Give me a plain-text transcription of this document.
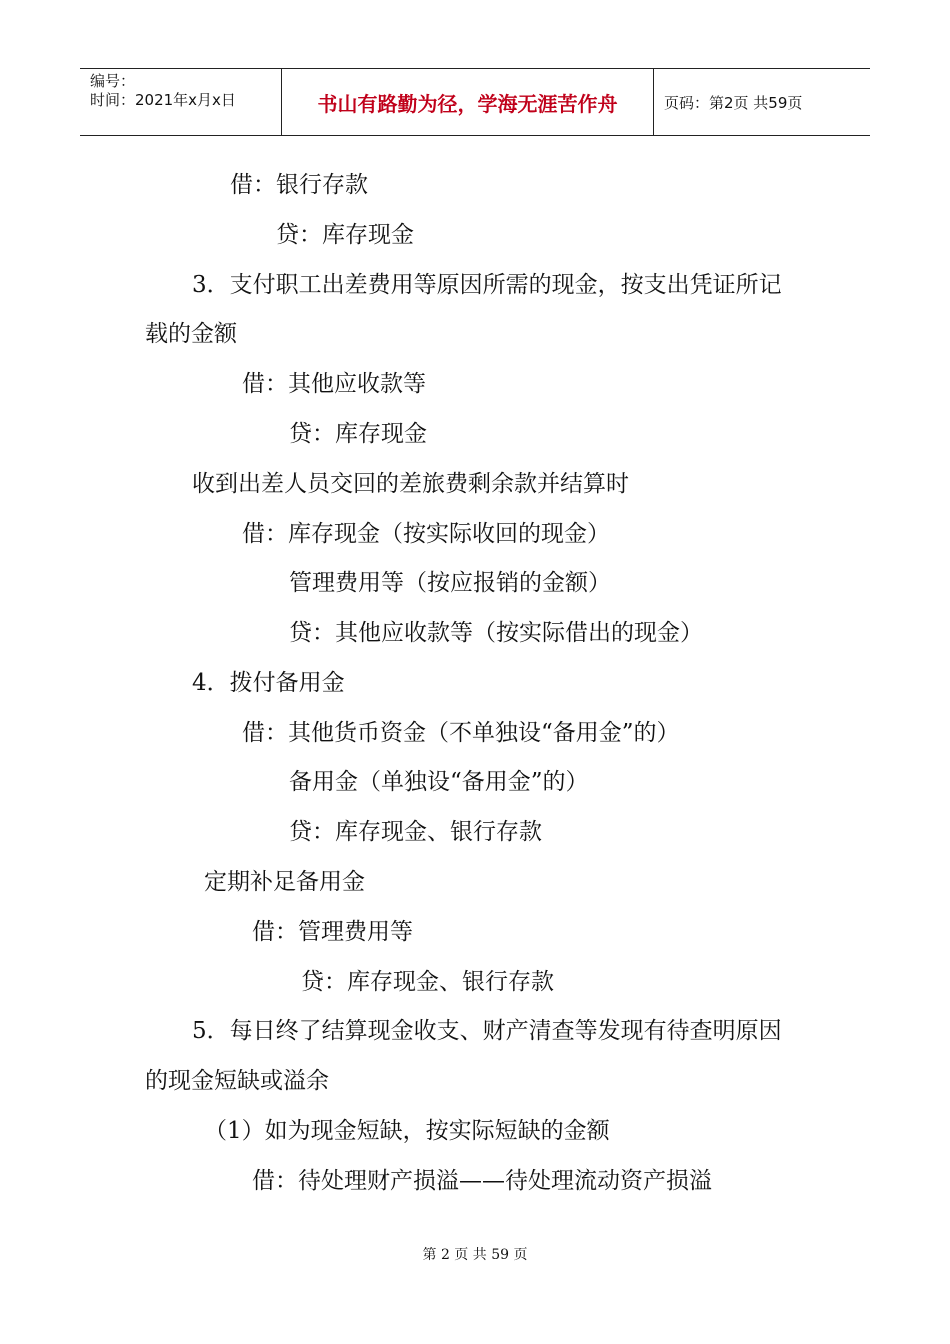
编号：
时间：2021年x月x日	书山有路勤为径，学海无涯苦作舟	页码：第2页 共59页
借：银行存款
贷：库存现金
3．支付职工出差费用等原因所需的现金，按支出凭证所记
载的金额
借：其他应收款等
贷：库存现金
收到出差人员交回的差旅费剩余款并结算时
借：库存现金（按实际收回的现金）
管理费用等（按应报销的金额）
贷：其他应收款等（按实际借出的现金）
4．拨付备用金
借：其他货币资金（不单独设“备用金”的）
备用金（单独设“备用金”的）
贷：库存现金、银行存款
定期补足备用金
借：管理费用等
贷：库存现金、银行存款
5．每日终了结算现金收支、财产清查等发现有待查明原因
的现金短缺或溢余
（1）如为现金短缺，按实际短缺的金额
借：待处理财产损溢——待处理流动资产损溢
第 2 页 共 59 页
